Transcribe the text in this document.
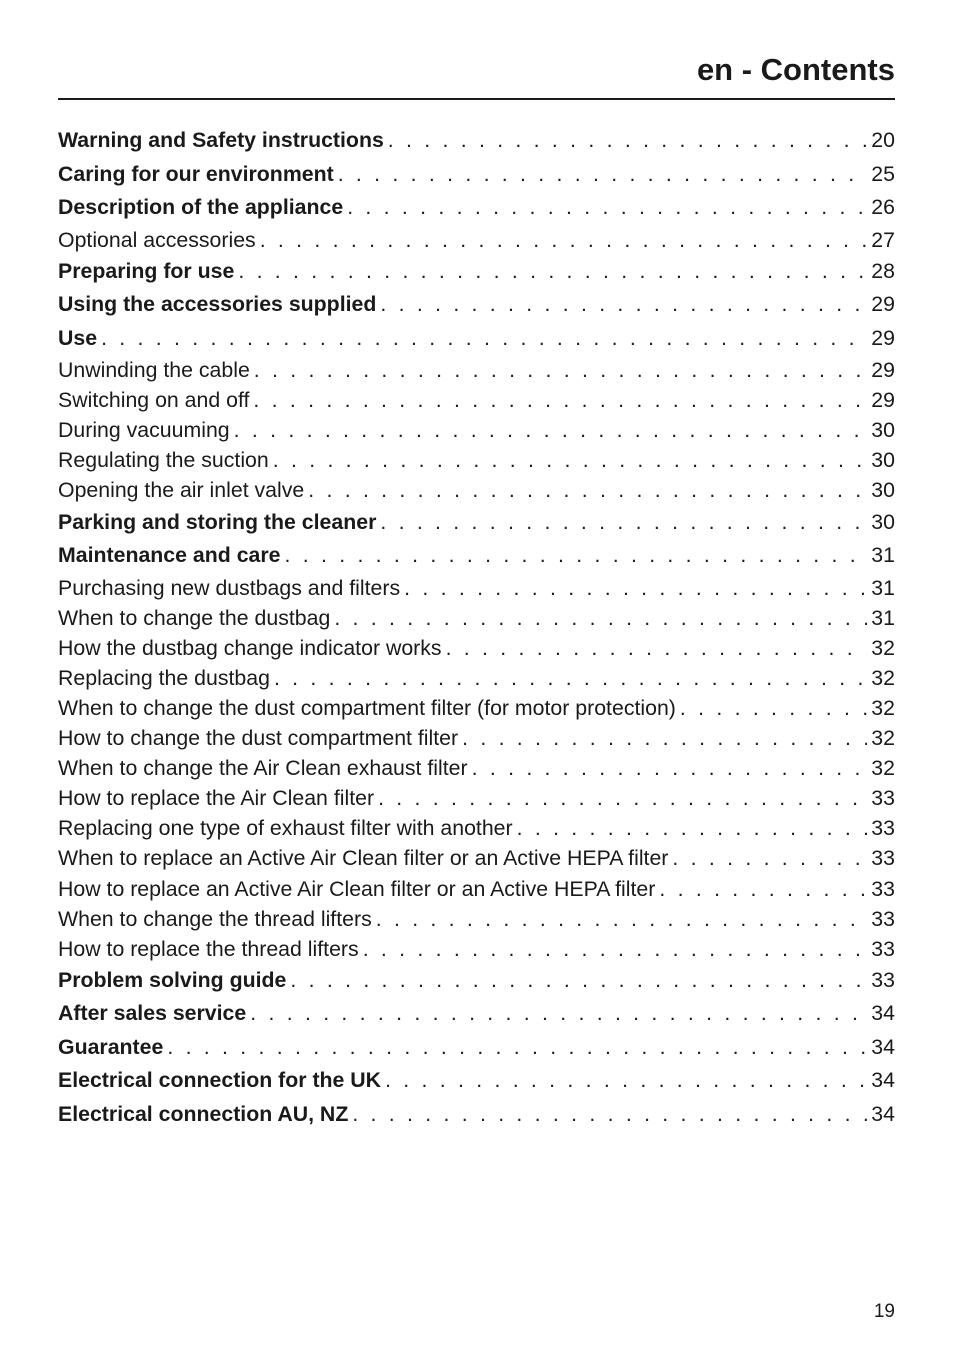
en - Contents
Warning and Safety instructions . . .	20
Caring for our environment . . .	25
Description of the appliance . . .	26
Optional accessories . . .	27
Preparing for use . . .	28
Using the accessories supplied . . .	29
Use . . .	29
Unwinding the cable . . .	29
Switching on and off . . .	29
During vacuuming . . .	30
Regulating the suction . . .	30
Opening the air inlet valve . . .	30
Parking and storing the cleaner . . .	30
Maintenance and care . . .	31
Purchasing new dustbags and filters . . .	31
When to change the dustbag . . .	31
How the dustbag change indicator works . . .	32
Replacing the dustbag . . .	32
When to change the dust compartment filter (for motor protection) . . .	32
How to change the dust compartment filter . . .	32
When to change the Air Clean exhaust filter . . .	32
How to replace the Air Clean filter . . .	33
Replacing one type of exhaust filter with another . . .	33
When to replace an Active Air Clean filter or an Active HEPA filter . . .	33
How to replace an Active Air Clean filter or an Active HEPA filter . . .	33
When to change the thread lifters . . .	33
How to replace the thread lifters . . .	33
Problem solving guide . . .	33
After sales service . . .	34
Guarantee . . .	34
Electrical connection for the UK . . .	34
Electrical connection AU, NZ . . .	34
19
